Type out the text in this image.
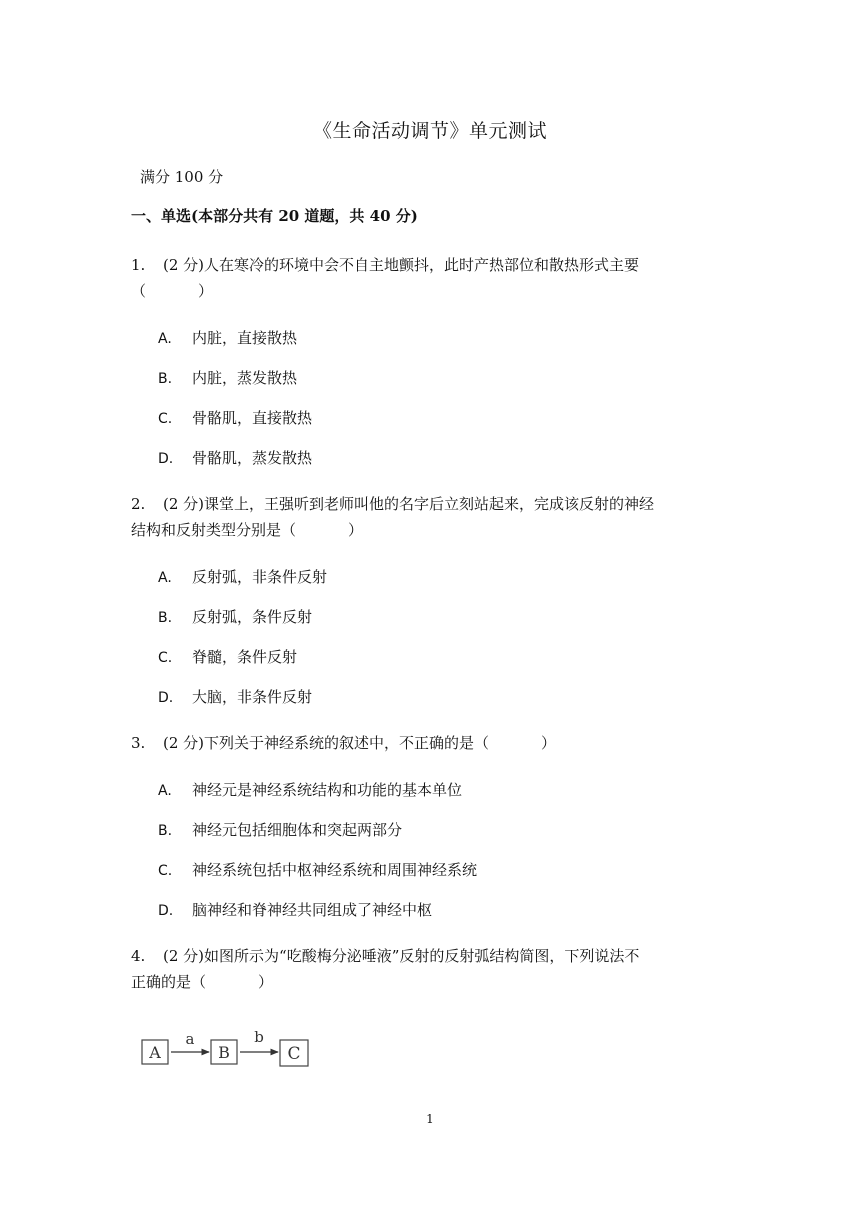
《生命活动调节》单元测试
满分 100 分
一、单选(本部分共有 20 道题，共 40 分)
1. (2 分)人在寒冷的环境中会不自主地颤抖，此时产热部位和散热形式主要
（	）
A. 内脏，直接散热
B. 内脏，蒸发散热
C. 骨骼肌，直接散热
D. 骨骼肌，蒸发散热
2. (2 分)课堂上，王强听到老师叫他的名字后立刻站起来，完成该反射的神经
结构和反射类型分别是（	）
A. 反射弧，非条件反射
B. 反射弧，条件反射
C. 脊髓，条件反射
D. 大脑，非条件反射
3. (2 分)下列关于神经系统的叙述中，不正确的是（	）
A. 神经元是神经系统结构和功能的基本单位
B. 神经元包括细胞体和突起两部分
C. 神经系统包括中枢神经系统和周围神经系统
D. 脑神经和脊神经共同组成了神经中枢
4. (2 分)如图所示为“吃酸梅分泌唾液”反射的反射弧结构简图，下列说法不
正确的是（	）
A
a
B
b
C
1
